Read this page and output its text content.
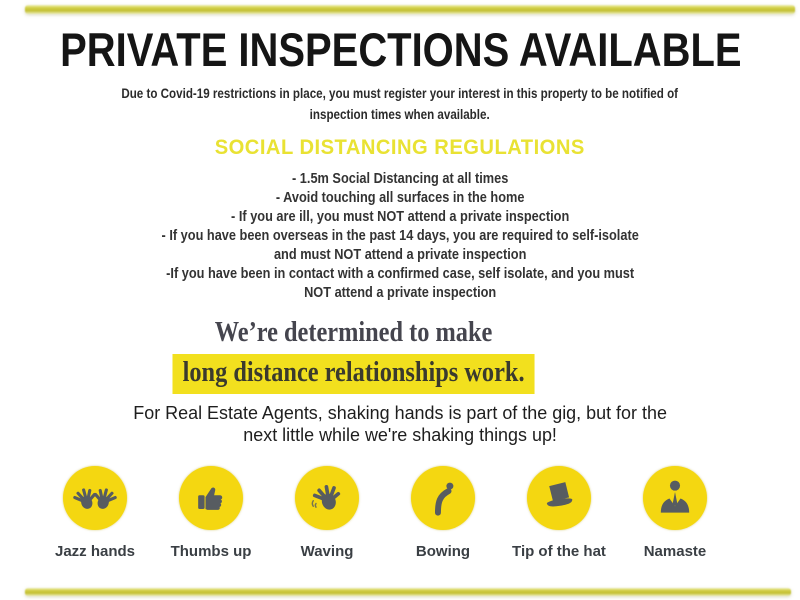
PRIVATE INSPECTIONS AVAILABLE
Due to Covid-19 restrictions in place, you must register your interest in this property to be notified of
inspection times when available.
SOCIAL DISTANCING REGULATIONS
- 1.5m Social Distancing at all times
- Avoid touching all surfaces in the home
- If you are ill, you must NOT attend a private inspection
- If you have been overseas in the past 14 days, you are required to self-isolate
and must NOT attend a private inspection
-If you have been in contact with a confirmed case, self isolate, and you must
NOT attend a private inspection
We’re determined to make
long distance relationships work.
For Real Estate Agents, shaking hands is part of the gig, but for the
next little while we're shaking things up!
Jazz hands Thumbs up	Waving	Bowing	Tip of the hat	Namaste
